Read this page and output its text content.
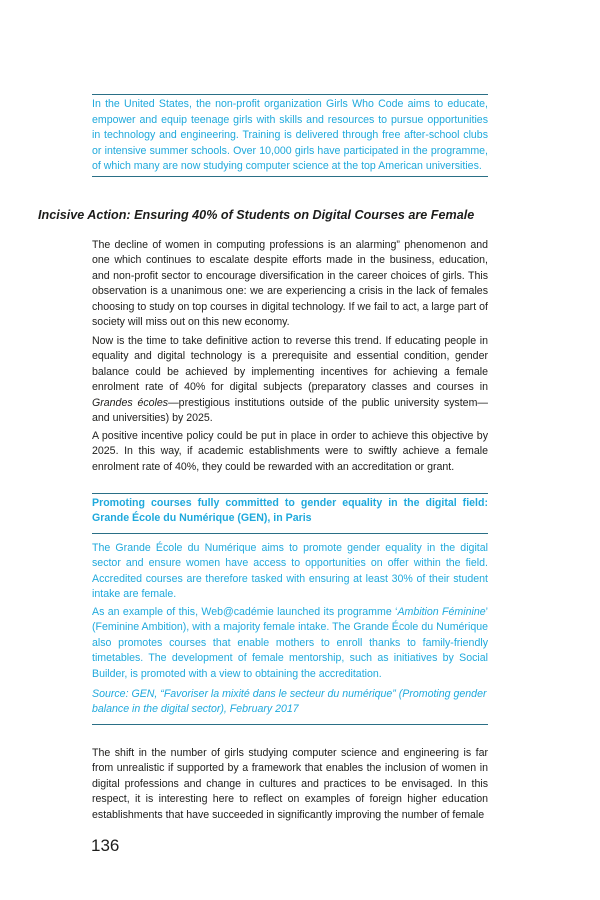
In the United States, the non-profit organization Girls Who Code aims to educate, empower and equip teenage girls with skills and resources to pursue opportunities in technology and engineering. Training is delivered through free after-school clubs or intensive summer schools. Over 10,000 girls have participated in the programme, of which many are now studying computer science at the top American universities.

Incisive Action: Ensuring 40% of Students on Digital Courses are Female

The decline of women in computing professions is an alarming” phenomenon and one which continues to escalate despite efforts made in the business, education, and non-profit sector to encourage diversification in the career choices of girls. This observation is a unanimous one: we are experiencing a crisis in the lack of females choosing to study on top courses in digital technology. If we fail to act, a large part of society will miss out on this new economy.

Now is the time to take definitive action to reverse this trend. If educating people in equality and digital technology is a prerequisite and essential condition, gender balance could be achieved by implementing incentives for achieving a female enrolment rate of 40% for digital subjects (preparatory classes and courses in Grandes écoles—prestigious institutions outside of the public university system— and universities) by 2025.

A positive incentive policy could be put in place in order to achieve this objective by 2025. In this way, if academic establishments were to swiftly achieve a female enrolment rate of 40%, they could be rewarded with an accreditation or grant.

Promoting courses fully committed to gender equality in the digital field: Grande École du Numérique (GEN), in Paris

The Grande École du Numérique aims to promote gender equality in the digital sector and ensure women have access to opportunities on offer within the field. Accredited courses are therefore tasked with ensuring at least 30% of their student intake are female.

As an example of this, Web@cadémie launched its programme ‘Ambition Féminine’ (Feminine Ambition), with a majority female intake. The Grande École du Numérique also promotes courses that enable mothers to enroll thanks to family-friendly timetables. The development of female mentorship, such as initiatives by Social Builder, is promoted with a view to obtaining the accreditation.

Source: GEN, “Favoriser la mixité dans le secteur du numérique” (Promoting gender balance in the digital sector), February 2017

The shift in the number of girls studying computer science and engineering is far from unrealistic if supported by a framework that enables the inclusion of women in digital professions and change in cultures and practices to be envisaged. In this respect, it is interesting here to reflect on examples of foreign higher education establishments that have succeeded in significantly improving the number of female

136
